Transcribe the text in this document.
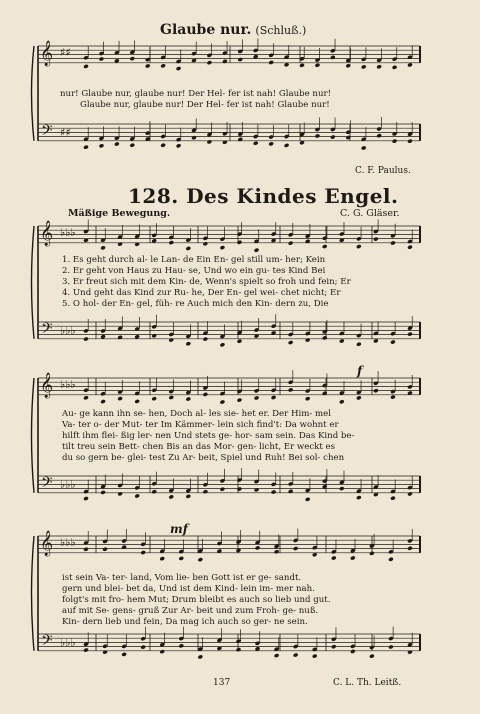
Glaube nur. (Schluß.)
𝄞
𝄢
♯♯
♯♯
𝄞
𝄢
♭♭♭
♭♭♭
𝄞
𝄢
♭♭♭
♭♭♭
𝄞
𝄢
♭♭♭
♭♭♭
nur! Glaube nur, glaube nur! Der Hel- fer ist nah! Glaube nur!
Glaube nur, glaube nur! Der Hel- fer ist nah! Glaube nur!
C. F. Paulus.
128. Des Kindes Engel.
Mäßige Bewegung.	C. G. Gläser.
1. Es geht durch al- le Lan- de Ein En- gel still um- her; Kein
2. Er geht von Haus zu Hau- se, Und wo ein gu- tes Kind Bei
3. Er freut sich mit dem Kin- de, Wenn's spielt so froh und fein; Er
4. Und geht das Kind zur Ru- he, Der En- gel wei- chet nicht; Er
5. O hol- der En- gel, füh- re Auch mich den Kin- dern zu, Die
f
Au- ge kann ihn se- hen, Doch al- les sie- het er. Der Him- mel
Va- ter o- der Mut- ter Im Kämmer- lein sich find't: Da wohnt er
hilft ihm flei- ßig ler- nen Und stets ge- hor- sam sein. Das Kind be-
tilt treu sein Bett- chen Bis an das Mor- gen- licht, Er weckt es
du so gern be- glei- test Zu Ar- beit, Spiel und Ruh! Bei sol- chen
mf
ist sein Va- ter- land, Vom lie- ben Gott ist er ge- sandt.
gern und blei- bet da, Und ist dem Kind- lein im- mer nah.
folgt's mit fro- hem Mut; Drum bleibt es auch so lieb und gut.
auf mit Se- gens- gruß Zur Ar- beit und zum Froh- ge- nuß.
Kin- dern lieb und fein, Da mag ich auch so ger- ne sein.
137	C. L. Th. Leitß.
